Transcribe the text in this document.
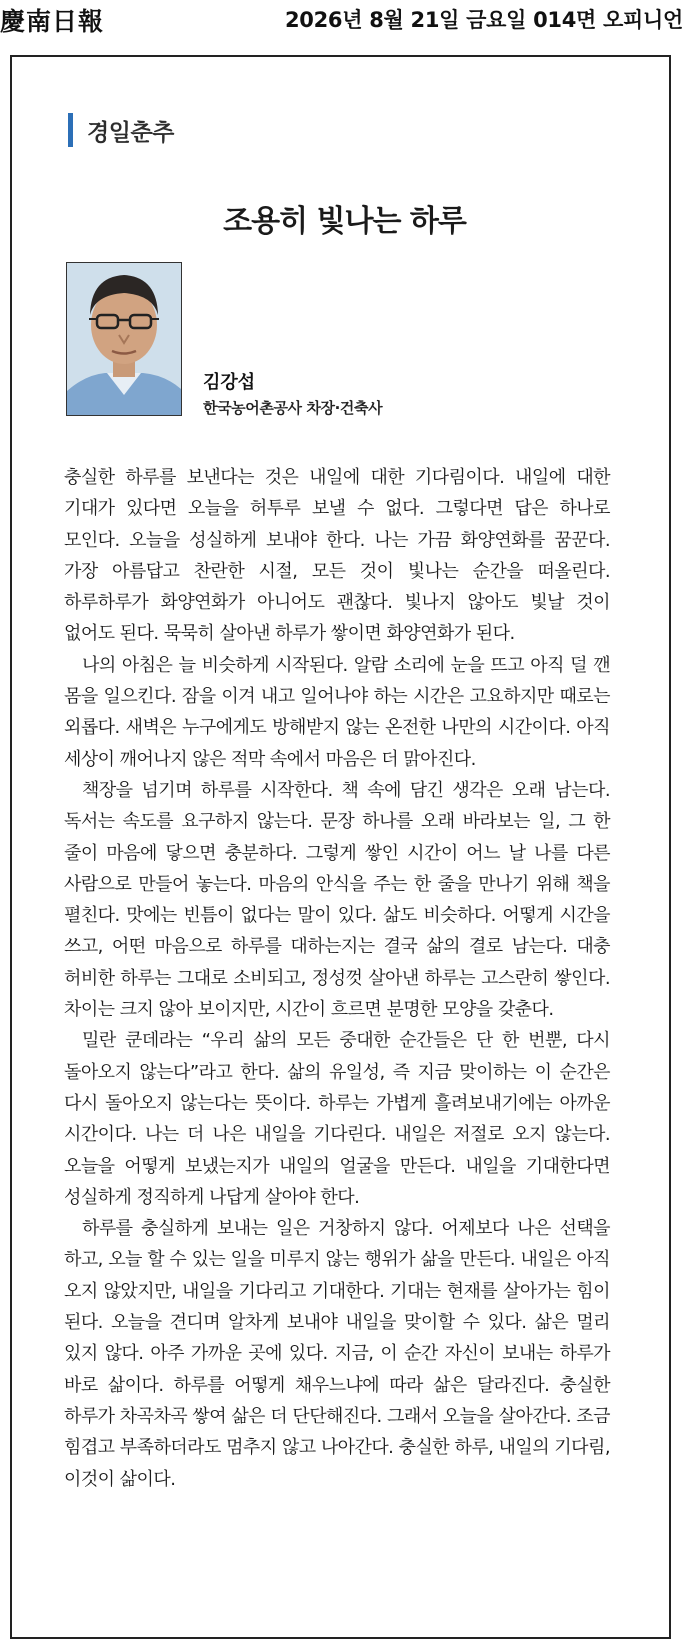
慶南日報	2026년 8월 21일 금요일 014면 오피니언
경일춘추
조용히 빛나는 하루
김강섭
한국농어촌공사 차장·건축사

충실한 하루를 보낸다는 것은 내일에 대한 기다림이다. 내일에 대한 기대가 있다면 오늘을 허투루 보낼 수 없다. 그렇다면 답은 하나로 모인다. 오늘을 성실하게 보내야 한다. 나는 가끔 화양연화를 꿈꾼다. 가장 아름답고 찬란한 시절, 모든 것이 빛나는 순간을 떠올린다. 하루하루가 화양연화가 아니어도 괜찮다. 빛나지 않아도 빛날 것이 없어도 된다. 묵묵히 살아낸 하루가 쌓이면 화양연화가 된다.

나의 아침은 늘 비슷하게 시작된다. 알람 소리에 눈을 뜨고 아직 덜 깬 몸을 일으킨다. 잠을 이겨 내고 일어나야 하는 시간은 고요하지만 때로는 외롭다. 새벽은 누구에게도 방해받지 않는 온전한 나만의 시간이다. 아직 세상이 깨어나지 않은 적막 속에서 마음은 더 맑아진다.

책장을 넘기며 하루를 시작한다. 책 속에 담긴 생각은 오래 남는다. 독서는 속도를 요구하지 않는다. 문장 하나를 오래 바라보는 일, 그 한 줄이 마음에 닿으면 충분하다. 그렇게 쌓인 시간이 어느 날 나를 다른 사람으로 만들어 놓는다. 마음의 안식을 주는 한 줄을 만나기 위해 책을 펼친다. 맛에는 빈틈이 없다는 말이 있다. 삶도 비슷하다. 어떻게 시간을 쓰고, 어떤 마음으로 하루를 대하는지는 결국 삶의 결로 남는다. 대충 허비한 하루는 그대로 소비되고, 정성껏 살아낸 하루는 고스란히 쌓인다. 차이는 크지 않아 보이지만, 시간이 흐르면 분명한 모양을 갖춘다.

밀란 쿤데라는 “우리 삶의 모든 중대한 순간들은 단 한 번뿐, 다시 돌아오지 않는다”라고 한다. 삶의 유일성, 즉 지금 맞이하는 이 순간은 다시 돌아오지 않는다는 뜻이다. 하루는 가볍게 흘려보내기에는 아까운 시간이다. 나는 더 나은 내일을 기다린다. 내일은 저절로 오지 않는다. 오늘을 어떻게 보냈는지가 내일의 얼굴을 만든다. 내일을 기대한다면 성실하게 정직하게 나답게 살아야 한다.

하루를 충실하게 보내는 일은 거창하지 않다. 어제보다 나은 선택을 하고, 오늘 할 수 있는 일을 미루지 않는 행위가 삶을 만든다. 내일은 아직 오지 않았지만, 내일을 기다리고 기대한다. 기대는 현재를 살아가는 힘이 된다. 오늘을 견디며 알차게 보내야 내일을 맞이할 수 있다. 삶은 멀리 있지 않다. 아주 가까운 곳에 있다. 지금, 이 순간 자신이 보내는 하루가 바로 삶이다. 하루를 어떻게 채우느냐에 따라 삶은 달라진다. 충실한 하루가 차곡차곡 쌓여 삶은 더 단단해진다. 그래서 오늘을 살아간다. 조금 힘겹고 부족하더라도 멈추지 않고 나아간다. 충실한 하루, 내일의 기다림, 이것이 삶이다.
